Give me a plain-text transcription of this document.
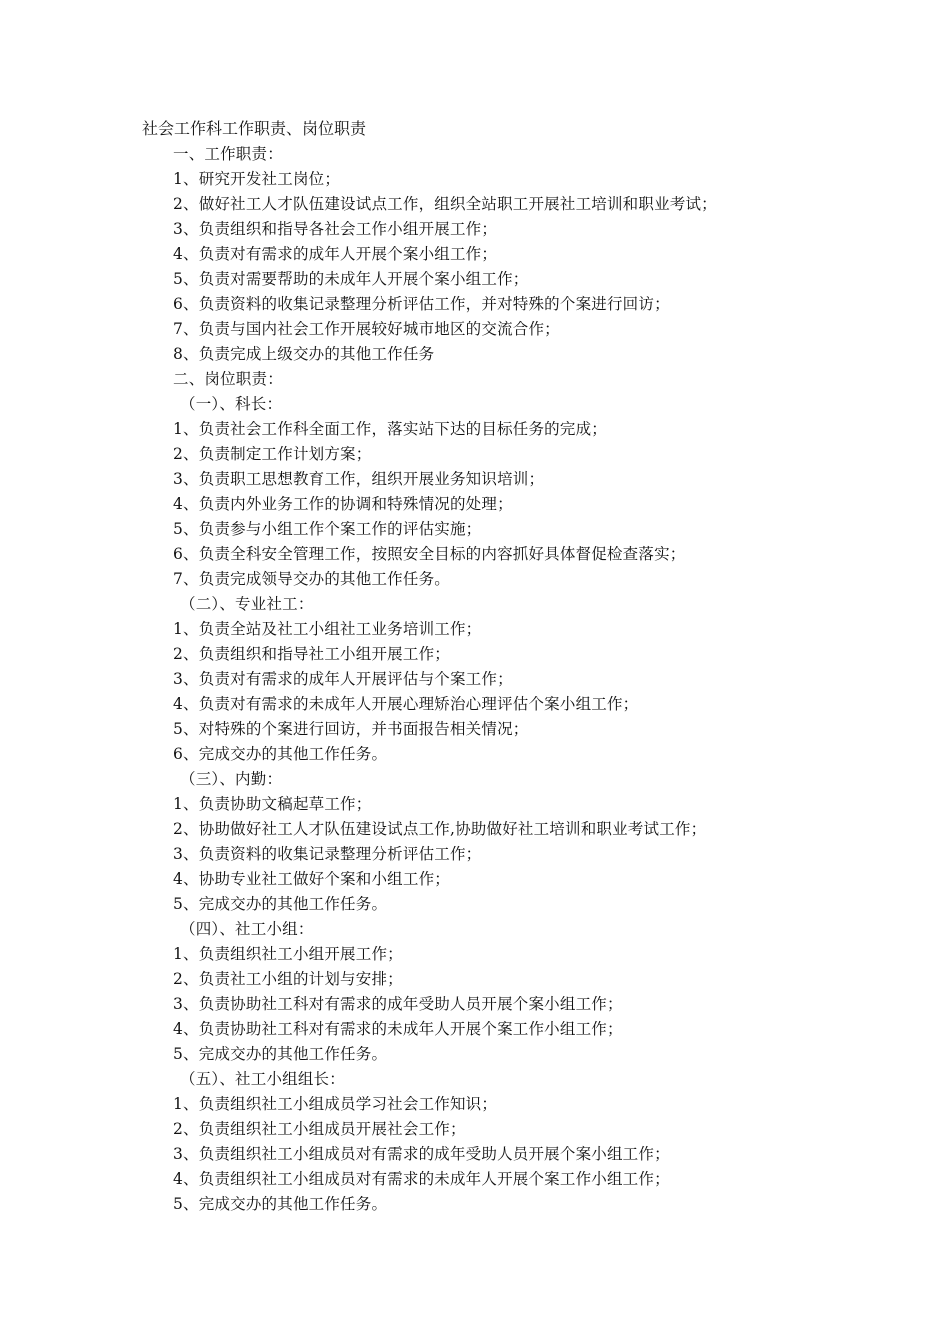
社会工作科工作职责、岗位职责
一、工作职责：
1、研究开发社工岗位；
2、做好社工人才队伍建设试点工作，组织全站职工开展社工培训和职业考试；
3、负责组织和指导各社会工作小组开展工作；
4、负责对有需求的成年人开展个案小组工作；
5、负责对需要帮助的未成年人开展个案小组工作；
6、负责资料的收集记录整理分析评估工作，并对特殊的个案进行回访；
7、负责与国内社会工作开展较好城市地区的交流合作；
8、负责完成上级交办的其他工作任务
二、岗位职责：
（一）、科长：
1、负责社会工作科全面工作，落实站下达的目标任务的完成；
2、负责制定工作计划方案；
3、负责职工思想教育工作，组织开展业务知识培训；
4、负责内外业务工作的协调和特殊情况的处理；
5、负责参与小组工作个案工作的评估实施；
6、负责全科安全管理工作，按照安全目标的内容抓好具体督促检查落实；
7、负责完成领导交办的其他工作任务。
（二）、专业社工：
1、负责全站及社工小组社工业务培训工作；
2、负责组织和指导社工小组开展工作；
3、负责对有需求的成年人开展评估与个案工作；
4、负责对有需求的未成年人开展心理矫治心理评估个案小组工作；
5、对特殊的个案进行回访，并书面报告相关情况；
6、完成交办的其他工作任务。
（三）、内勤：
1、负责协助文稿起草工作；
2、协助做好社工人才队伍建设试点工作,协助做好社工培训和职业考试工作；
3、负责资料的收集记录整理分析评估工作；
4、协助专业社工做好个案和小组工作；
5、完成交办的其他工作任务。
（四）、社工小组：
1、负责组织社工小组开展工作；
2、负责社工小组的计划与安排；
3、负责协助社工科对有需求的成年受助人员开展个案小组工作；
4、负责协助社工科对有需求的未成年人开展个案工作小组工作；
5、完成交办的其他工作任务。
（五）、社工小组组长：
1、负责组织社工小组成员学习社会工作知识；
2、负责组织社工小组成员开展社会工作；
3、负责组织社工小组成员对有需求的成年受助人员开展个案小组工作；
4、负责组织社工小组成员对有需求的未成年人开展个案工作小组工作；
5、完成交办的其他工作任务。
